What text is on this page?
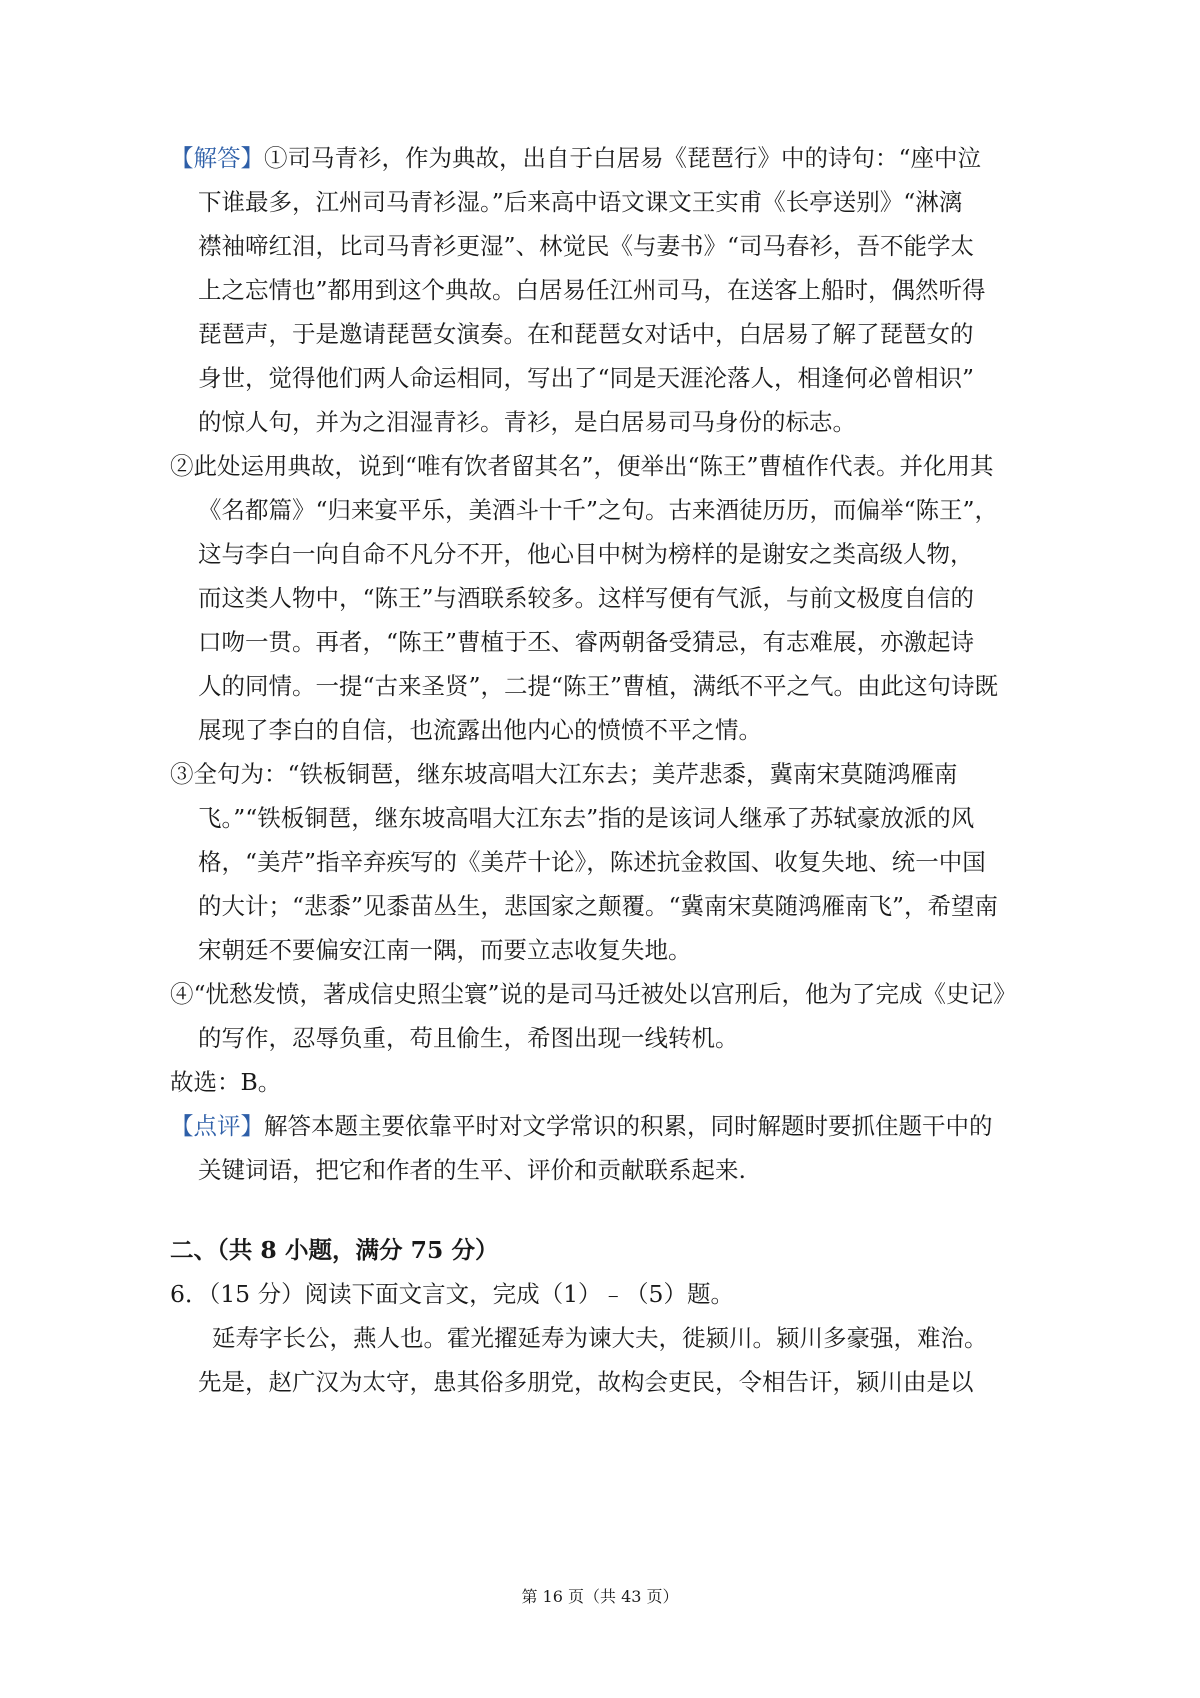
【解答】①司马青衫，作为典故，出自于白居易《琵琶行》中的诗句：“座中泣
下谁最多，江州司马青衫湿。”后来高中语文课文王实甫《长亭送别》“淋漓
襟袖啼红泪，比司马青衫更湿”、林觉民《与妻书》“司马春衫，吾不能学太
上之忘情也”都用到这个典故。白居易任江州司马，在送客上船时，偶然听得
琵琶声，于是邀请琵琶女演奏。在和琵琶女对话中，白居易了解了琵琶女的
身世，觉得他们两人命运相同，写出了“同是天涯沦落人，相逢何必曾相识”
的惊人句，并为之泪湿青衫。青衫，是白居易司马身份的标志。
②此处运用典故，说到“唯有饮者留其名”，便举出“陈王”曹植作代表。并化用其
《名都篇》“归来宴平乐，美酒斗十千”之句。古来酒徒历历，而偏举“陈王”，
这与李白一向自命不凡分不开，他心目中树为榜样的是谢安之类高级人物，
而这类人物中，“陈王”与酒联系较多。这样写便有气派，与前文极度自信的
口吻一贯。再者，“陈王”曹植于丕、睿两朝备受猜忌，有志难展，亦激起诗
人的同情。一提“古来圣贤”，二提“陈王”曹植，满纸不平之气。由此这句诗既
展现了李白的自信，也流露出他内心的愤愤不平之情。
③全句为：“铁板铜琶，继东坡高唱大江东去；美芹悲黍，冀南宋莫随鸿雁南
飞。”“铁板铜琶，继东坡高唱大江东去”指的是该词人继承了苏轼豪放派的风
格，“美芹”指辛弃疾写的《美芹十论》，陈述抗金救国、收复失地、统一中国
的大计；“悲黍”见黍苗丛生，悲国家之颠覆。“冀南宋莫随鸿雁南飞”，希望南
宋朝廷不要偏安江南一隅，而要立志收复失地。
④“忧愁发愤，著成信史照尘寰”说的是司马迁被处以宫刑后，他为了完成《史记》
的写作，忍辱负重，苟且偷生，希图出现一线转机。
故选：B。
【点评】解答本题主要依靠平时对文学常识的积累，同时解题时要抓住题干中的
关键词语，把它和作者的生平、评价和贡献联系起来.
二、（共 8 小题，满分 75 分）
6．（15 分）阅读下面文言文，完成（1）﹣（5）题。
延寿字长公，燕人也。霍光擢延寿为谏大夫，徙颍川。颍川多豪强，难治。
先是，赵广汉为太守，患其俗多朋党，故构会吏民，令相告讦，颍川由是以
第 16 页（共 43 页）
